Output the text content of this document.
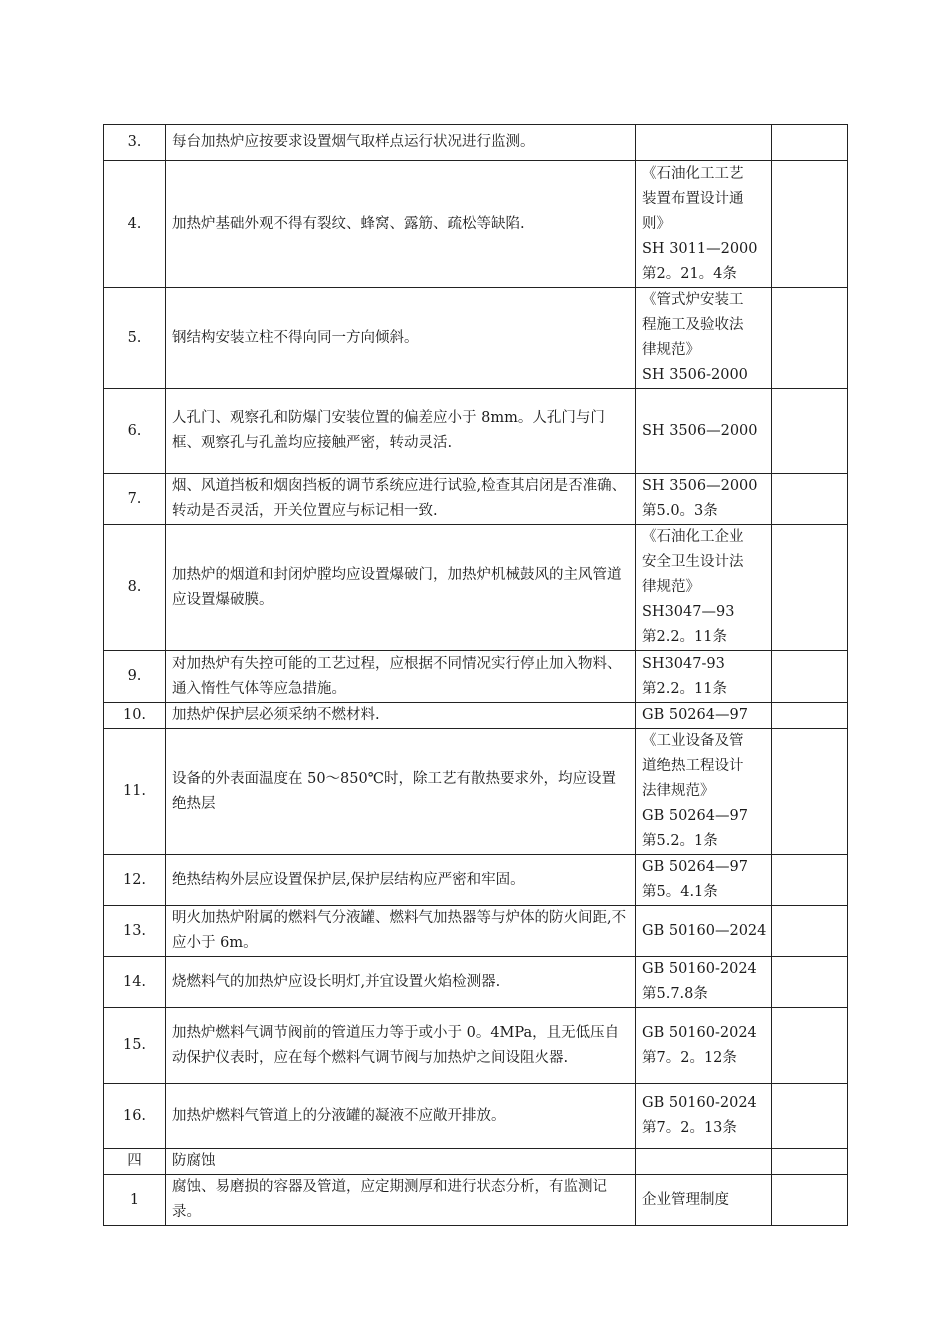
3.	每台加热炉应按要求设置烟气取样点运行状况进行监测。		
4.	加热炉基础外观不得有裂纹、蜂窝、露筋、疏松等缺陷.	《石油化工工艺
装置布置设计通
则》
SH 3011—2000
第2。21。4条	

5.	钢结构安装立柱不得向同一方向倾斜。	《管式炉安装工
程施工及验收法
律规范》
SH 3506-2000	

6.	人孔门、观察孔和防爆门安装位置的偏差应小于 8mm。人孔门与门框、观察孔与孔盖均应接触严密，转动灵活.	SH 3506—2000	

7.	烟、风道挡板和烟囱挡板的调节系统应进行试验,检查其启闭是否准确、转动是否灵活，开关位置应与标记相一致.	SH 3506—2000
第5.0。3条	

8.	加热炉的烟道和封闭炉膛均应设置爆破门，加热炉机械鼓风的主风管道应设置爆破膜。	《石油化工企业
安全卫生设计法
律规范》
SH3047—93
第2.2。11条	

9.	对加热炉有失控可能的工艺过程，应根据不同情况实行停止加入物料、通入惰性气体等应急措施。	SH3047-93
第2.2。11条	

10.	加热炉保护层必须采纳不燃材料.	GB 50264—97	

11.	设备的外表面温度在 50～850℃时，除工艺有散热要求外，均应设置绝热层	《工业设备及管
道绝热工程设计
法律规范》
GB 50264—97
第5.2。1条	

12.	绝热结构外层应设置保护层,保护层结构应严密和牢固。	GB 50264—97
第5。4.1条	

13.	明火加热炉附属的燃料气分液罐、燃料气加热器等与炉体的防火间距,不应小于 6m。	GB 50160—2024	

14.	烧燃料气的加热炉应设长明灯,并宜设置火焰检测器.	GB 50160-2024
第5.7.8条	

15.	加热炉燃料气调节阀前的管道压力等于或小于 0。4MPa，且无低压自动保护仪表时，应在每个燃料气调节阀与加热炉之间设阻火器.	GB 50160-2024
第7。2。12条	

16.	加热炉燃料气管道上的分液罐的凝液不应敞开排放。	GB 50160-2024
第7。2。13条	

四	防腐蚀		
1	腐蚀、易磨损的容器及管道，应定期测厚和进行状态分析，有监测记录。	企业管理制度	
